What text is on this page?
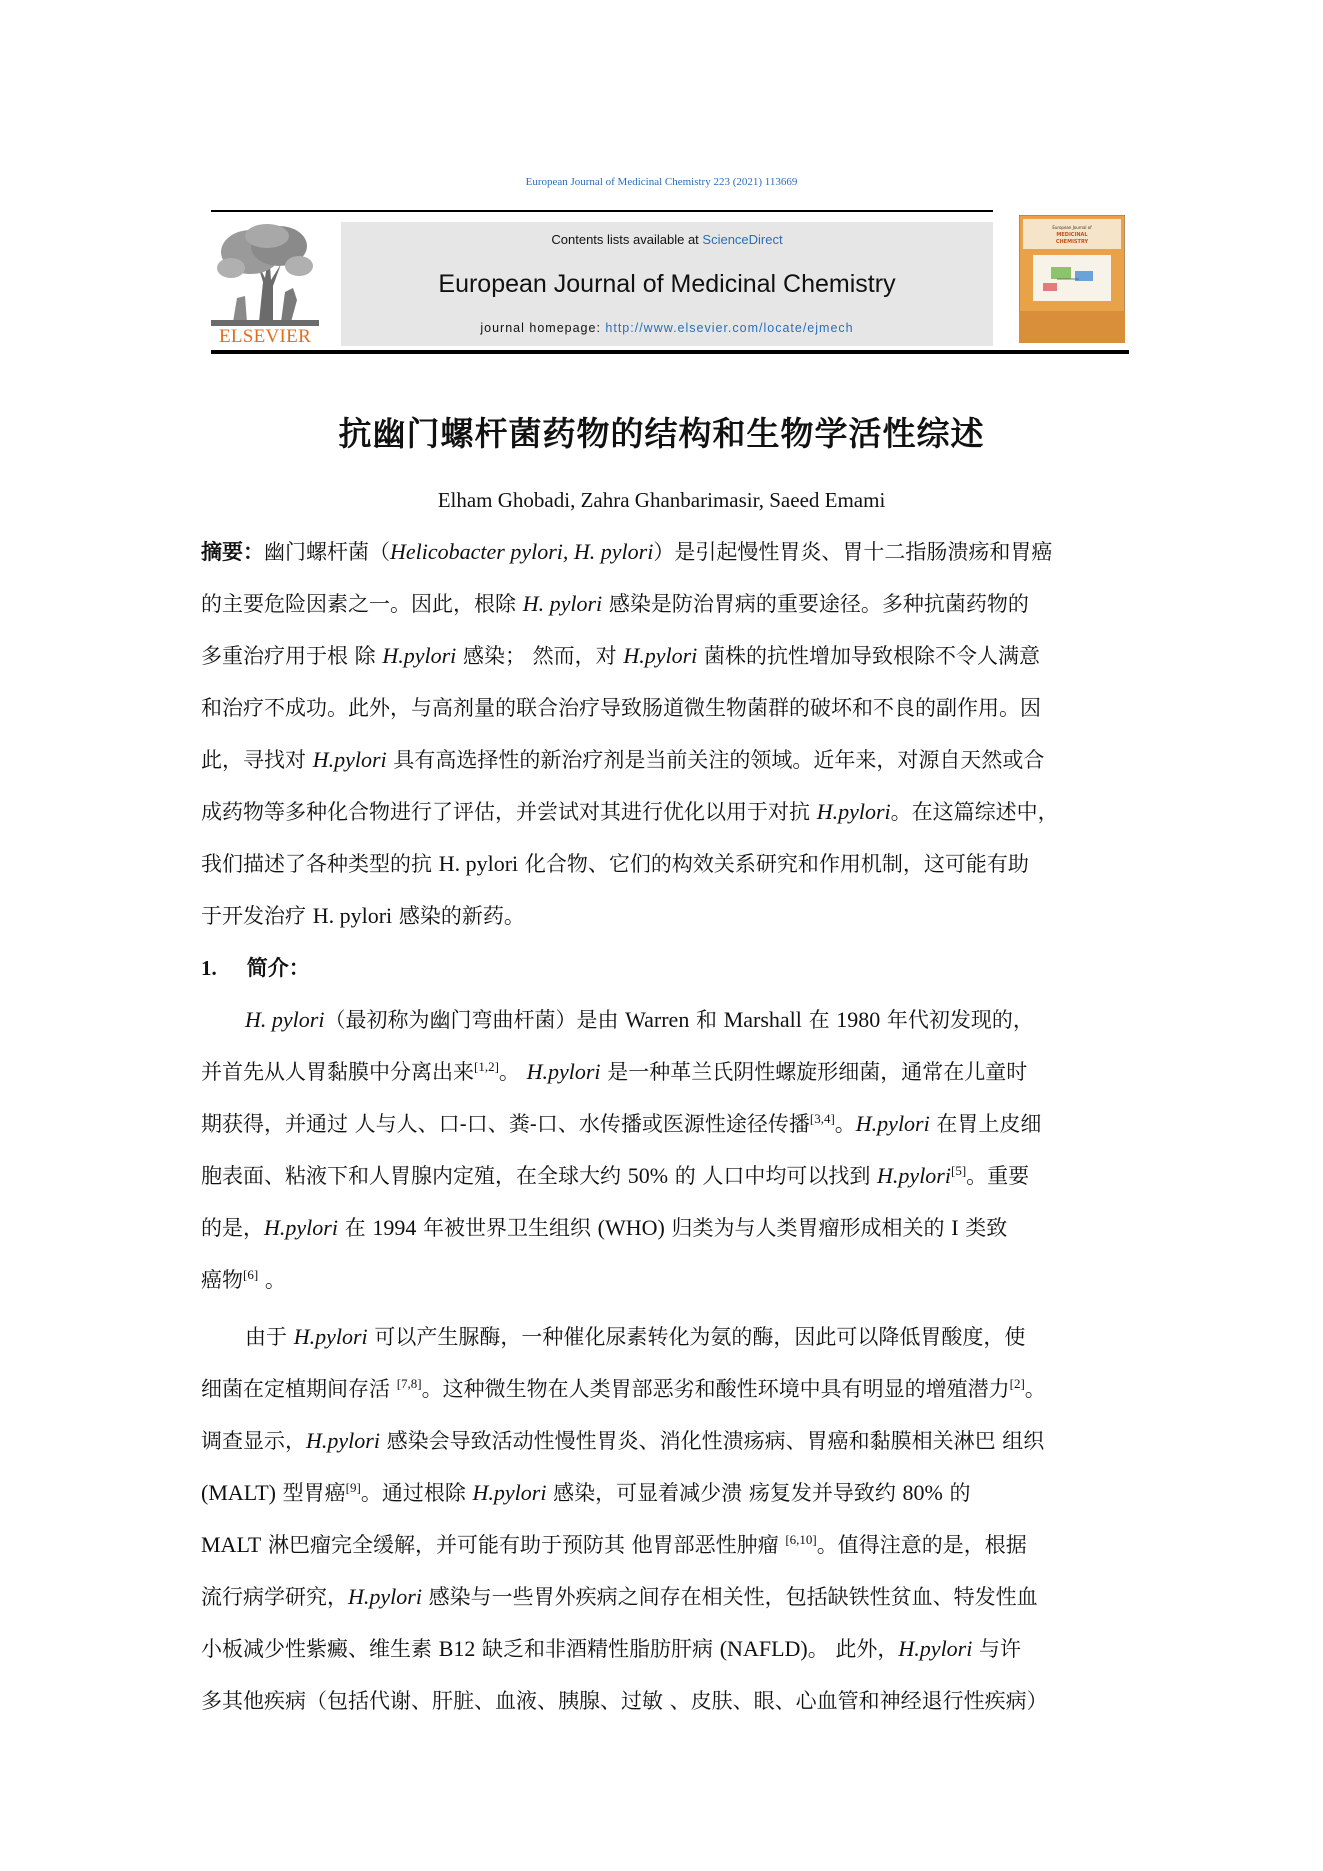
European Journal of Medicinal Chemistry 223 (2021) 113669
ELSEVIER
Contents lists available at ScienceDirect
European Journal of Medicinal Chemistry
journal homepage: http://www.elsevier.com/locate/ejmech
European Journal of
MEDICINAL
CHEMISTRY
抗幽门螺杆菌药物的结构和生物学活性综述
Elham Ghobadi, Zahra Ghanbarimasir, Saeed Emami
摘要：幽门螺杆菌（Helicobacter pylori, H. pylori）是引起慢性胃炎、胃十二指肠溃疡和胃癌
的主要危险因素之一。因此，根除 H. pylori 感染是防治胃病的重要途径。多种抗菌药物的
多重治疗用于根 除 H.pylori 感染； 然而，对 H.pylori 菌株的抗性增加导致根除不令人满意
和治疗不成功。此外，与高剂量的联合治疗导致肠道微生物菌群的破坏和不良的副作用。因
此，寻找对 H.pylori 具有高选择性的新治疗剂是当前关注的领域。近年来，对源自天然或合
成药物等多种化合物进行了评估，并尝试对其进行优化以用于对抗 H.pylori。在这篇综述中，
我们描述了各种类型的抗 H. pylori 化合物、它们的构效关系研究和作用机制，这可能有助
于开发治疗 H. pylori 感染的新药。
1. 简介：
H. pylori（最初称为幽门弯曲杆菌）是由 Warren 和 Marshall 在 1980 年代初发现的，
并首先从人胃黏膜中分离出来[1,2]。 H.pylori 是一种革兰氏阴性螺旋形细菌，通常在儿童时
期获得，并通过 人与人、口-口、粪-口、水传播或医源性途径传播[3,4]。H.pylori 在胃上皮细
胞表面、粘液下和人胃腺内定殖，在全球大约 50% 的 人口中均可以找到 H.pylori[5]。重要
的是，H.pylori 在 1994 年被世界卫生组织 (WHO) 归类为与人类胃瘤形成相关的 I 类致
癌物[6] 。
由于 H.pylori 可以产生脲酶，一种催化尿素转化为氨的酶，因此可以降低胃酸度，使
细菌在定植期间存活 [7,8]。这种微生物在人类胃部恶劣和酸性环境中具有明显的增殖潜力[2]。
调查显示，H.pylori 感染会导致活动性慢性胃炎、消化性溃疡病、胃癌和黏膜相关淋巴 组织
(MALT) 型胃癌[9]。通过根除 H.pylori 感染，可显着减少溃 疡复发并导致约 80% 的
MALT 淋巴瘤完全缓解，并可能有助于预防其 他胃部恶性肿瘤 [6,10]。值得注意的是，根据
流行病学研究，H.pylori 感染与一些胃外疾病之间存在相关性，包括缺铁性贫血、特发性血
小板减少性紫癜、维生素 B12 缺乏和非酒精性脂肪肝病 (NAFLD)。 此外，H.pylori 与许
多其他疾病（包括代谢、肝脏、血液、胰腺、过敏 、皮肤、眼、心血管和神经退行性疾病）
